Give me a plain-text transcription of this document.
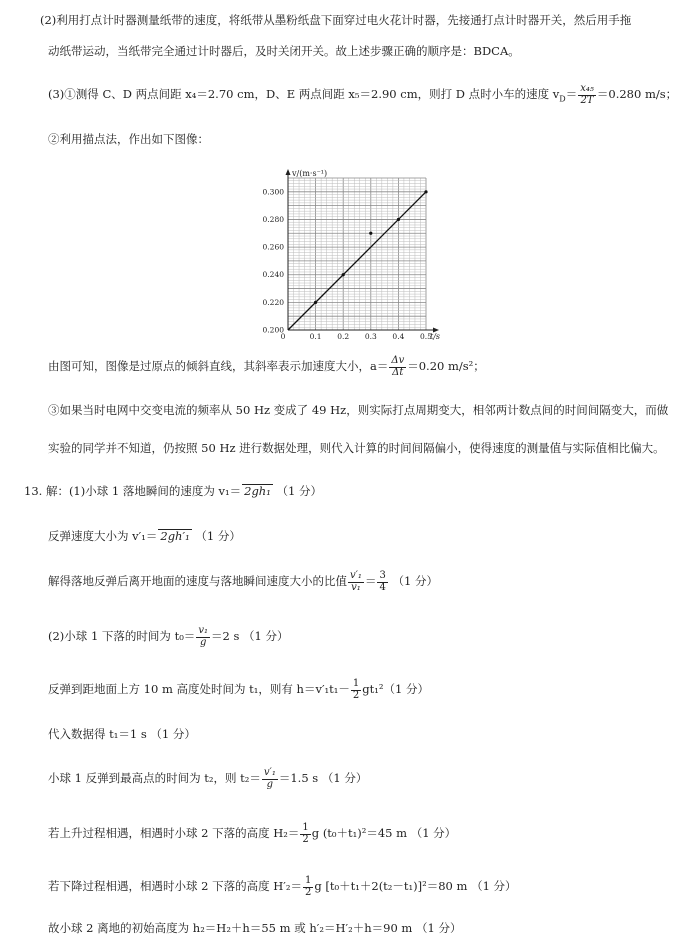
(2)利用打点计时器测量纸带的速度，将纸带从墨粉纸盘下面穿过电火花计时器，先接通打点计时器开关，然后用手拖
动纸带运动，当纸带完全通过计时器后，及时关闭开关。故上述步骤正确的顺序是：BDCA。
(3)①测得 C、D 两点间距 x₄＝2.70 cm，D、E 两点间距 x₅＝2.90 cm，则打 D 点时小车的速度 $v_D= \frac{\text{x₄₅}}{2T} =0.280$ m/s；
②利用描点法，作出如下图像：
0	0.1 0.2 0.3 0.4 0.5
0.200
0.220
0.240
0.260
0.280
0.300
v/(m·s⁻¹)
t/s
由图可知，图像是过原点的倾斜直线，其斜率表示加速度大小，$a= \frac{\Delta v}{\Delta t} =0.20$ m/s²；
③如果当时电网中交变电流的频率从 50 Hz 变成了 49 Hz，则实际打点周期变大，相邻两计数点间的时间间隔变大，而做
实验的同学并不知道，仍按照 50 Hz 进行数据处理，则代入计算的时间间隔偏小，使得速度的测量值与实际值相比偏大。
13. 解：(1)小球 1 落地瞬间的速度为 v₁＝ 2gh₁ （1 分）
反弹速度大小为 v′₁＝ 2gh′₁ （1 分）
解得落地反弹后离开地面的速度与落地瞬间速度大小的比值 $\frac{\text{v′₁}}{\text{v₁}} = \frac{3}{4} (1$ 分）
(2)小球 1 下落的时间为 $t_0= \frac{\text{v₁}}{g} =2$ s （1 分）
反弹到距地面上方 10 m 高度处时间为 t₁，则有 $h=v'_1t_1- \frac{1}{2} gt_1^2(1$ 分）
代入数据得 t₁＝1 s （1 分）
小球 1 反弹到最高点的时间为 t₂，则 $t_2= \frac{\text{v′₁}}{g} =1.5$ s （1 分）
若上升过程相遇，相遇时小球 2 下落的高度 $H_2= \frac{1}{2}$ g (t₀＋t₁)²＝45 m （1 分）
若下降过程相遇，相遇时小球 2 下落的高度 $H'_2= \frac{1}{2}$ g [t₀＋t₁＋2(t₂－t₁)]²＝80 m （1 分）
故小球 2 离地的初始高度为 h₂＝H₂＋h＝55 m 或 h′₂＝H′₂＋h＝90 m （1 分）
